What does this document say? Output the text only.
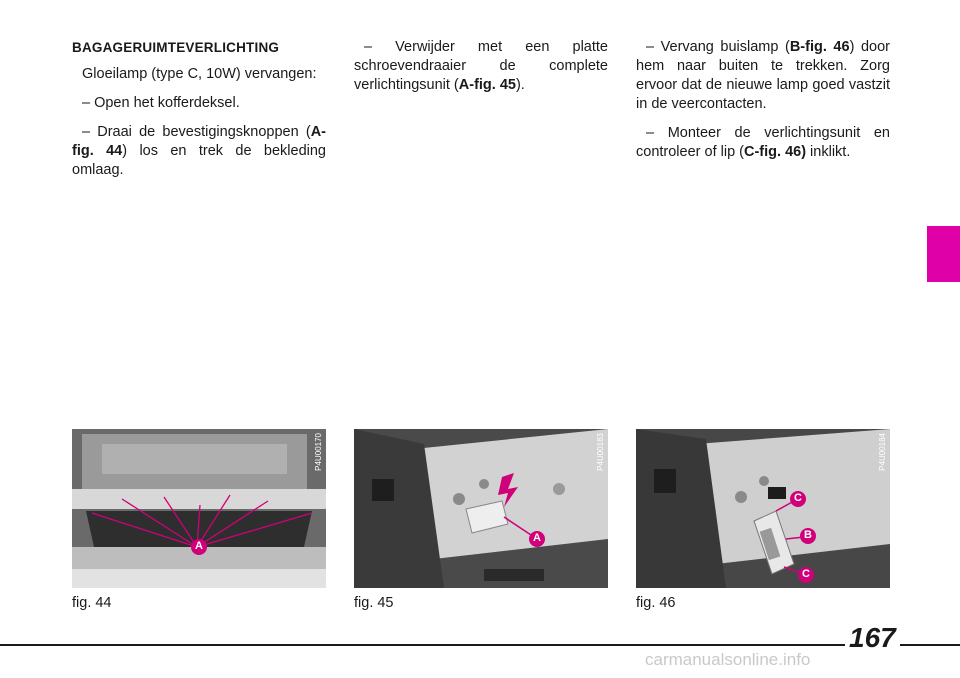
BAGAGERUIMTEVERLICHTING

Gloeilamp (type C, 10W) vervangen:

– Open het kofferdeksel.

– Draai de bevestigingsknoppen (A-fig. 44) los en trek de bekleding omlaag.

– Verwijder met een platte schroevendraaier de complete verlichtingsunit (A-fig. 45).

– Vervang buislamp (B-fig. 46) door hem naar buiten te trekken. Zorg ervoor dat de nieuwe lamp goed vastzit in de veercontacten.

– Monteer de verlichtingsunit en controleer of lip (C-fig. 46) inklikt.

P4U00170
A
fig. 44
P4U00183
A
fig. 45
P4U00184
C
B
C
fig. 46
167
carmanualsonline.info
